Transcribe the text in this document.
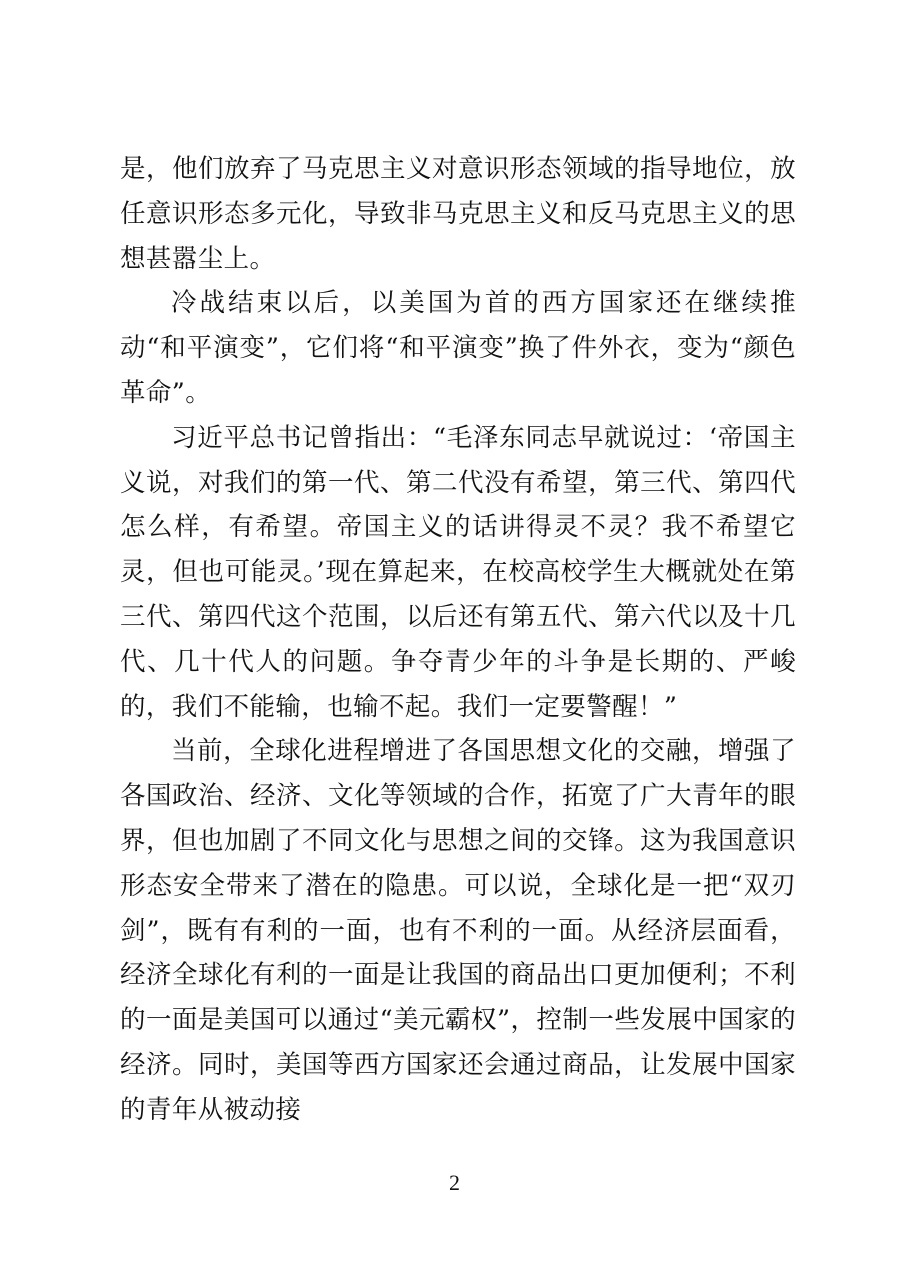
是，他们放弃了马克思主义对意识形态领域的指导地位，放任意识形态多元化，导致非马克思主义和反马克思主义的思想甚嚣尘上。

冷战结束以后，以美国为首的西方国家还在继续推动“和平演变”，它们将“和平演变”换了件外衣，变为“颜色革命”。

习近平总书记曾指出：“毛泽东同志早就说过：‘帝国主义说，对我们的第一代、第二代没有希望，第三代、第四代怎么样，有希望。帝国主义的话讲得灵不灵？我不希望它灵，但也可能灵。’现在算起来，在校高校学生大概就处在第三代、第四代这个范围，以后还有第五代、第六代以及十几代、几十代人的问题。争夺青少年的斗争是长期的、严峻的，我们不能输，也输不起。我们一定要警醒！”

当前，全球化进程增进了各国思想文化的交融，增强了各国政治、经济、文化等领域的合作，拓宽了广大青年的眼界，但也加剧了不同文化与思想之间的交锋。这为我国意识形态安全带来了潜在的隐患。可以说，全球化是一把“双刃剑”，既有有利的一面，也有不利的一面。从经济层面看，经济全球化有利的一面是让我国的商品出口更加便利；不利的一面是美国可以通过“美元霸权”，控制一些发展中国家的经济。同时，美国等西方国家还会通过商品，让发展中国家的青年从被动接

2
